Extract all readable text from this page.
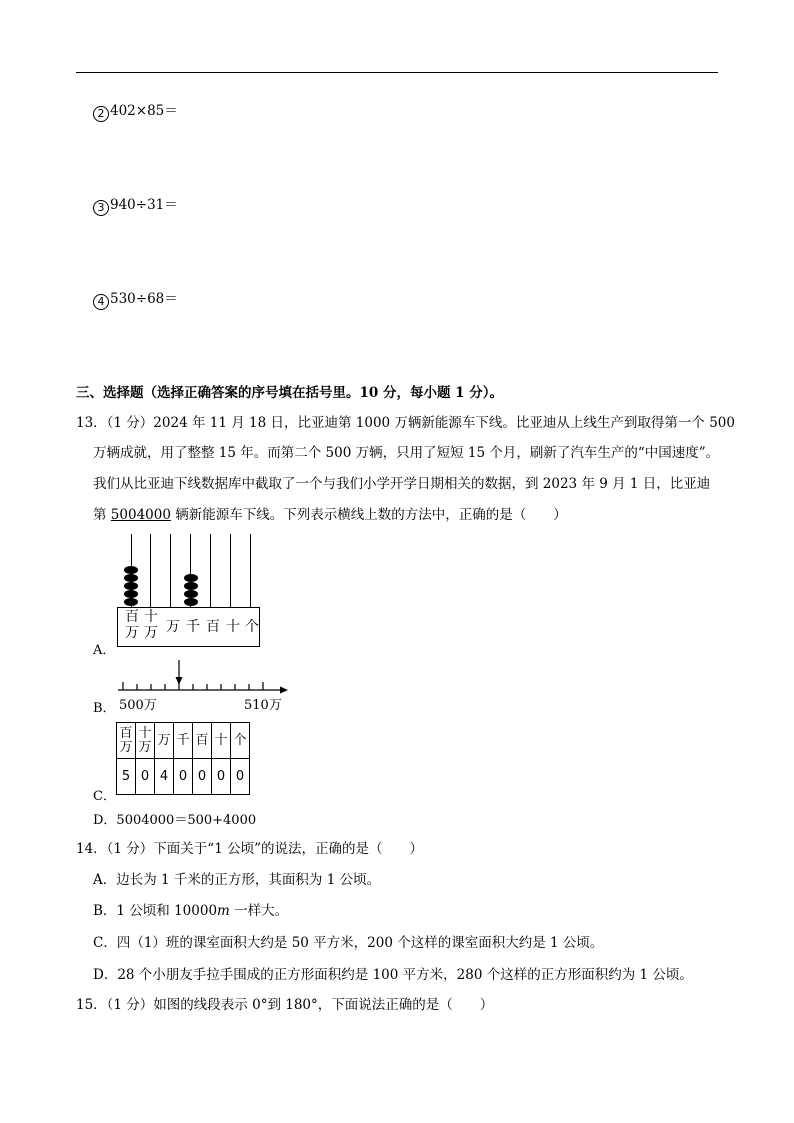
2 402×85＝
3 940÷31＝
4 530÷68＝
三、选择题（选择正确答案的序号填在括号里。10 分，每小题 1 分）。
13．（1 分）2024 年 11 月 18 日，比亚迪第 1000 万辆新能源车下线。比亚迪从上线生产到取得第一个 500
万辆成就，用了整整 15 年。而第二个 500 万辆，只用了短短 15 个月，刷新了汽车生产的“中国速度”。
我们从比亚迪下线数据库中截取了一个与我们小学开学日期相关的数据，到 2023 年 9 月 1 日，比亚迪
第 5004000 辆新能源车下线。下列表示横线上数的方法中，正确的是（　　）
百万
十万 万 千 百 十 个
A．
500万	510万
B．
百万	十万	万	千	百	十	个
5	0	4	0	0	0	0
C．
D．5004000＝500+4000
14．（1 分）下面关于“1 公顷”的说法，正确的是（　　）
A．边长为 1 千米的正方形，其面积为 1 公顷。
B．1 公顷和 10000m 一样大。
C．四（1）班的课室面积大约是 50 平方米，200 个这样的课室面积大约是 1 公顷。
D．28 个小朋友手拉手围成的正方形面积约是 100 平方米，280 个这样的正方形面积约为 1 公顷。
15．（1 分）如图的线段表示 0°到 180°，下面说法正确的是（　　）
